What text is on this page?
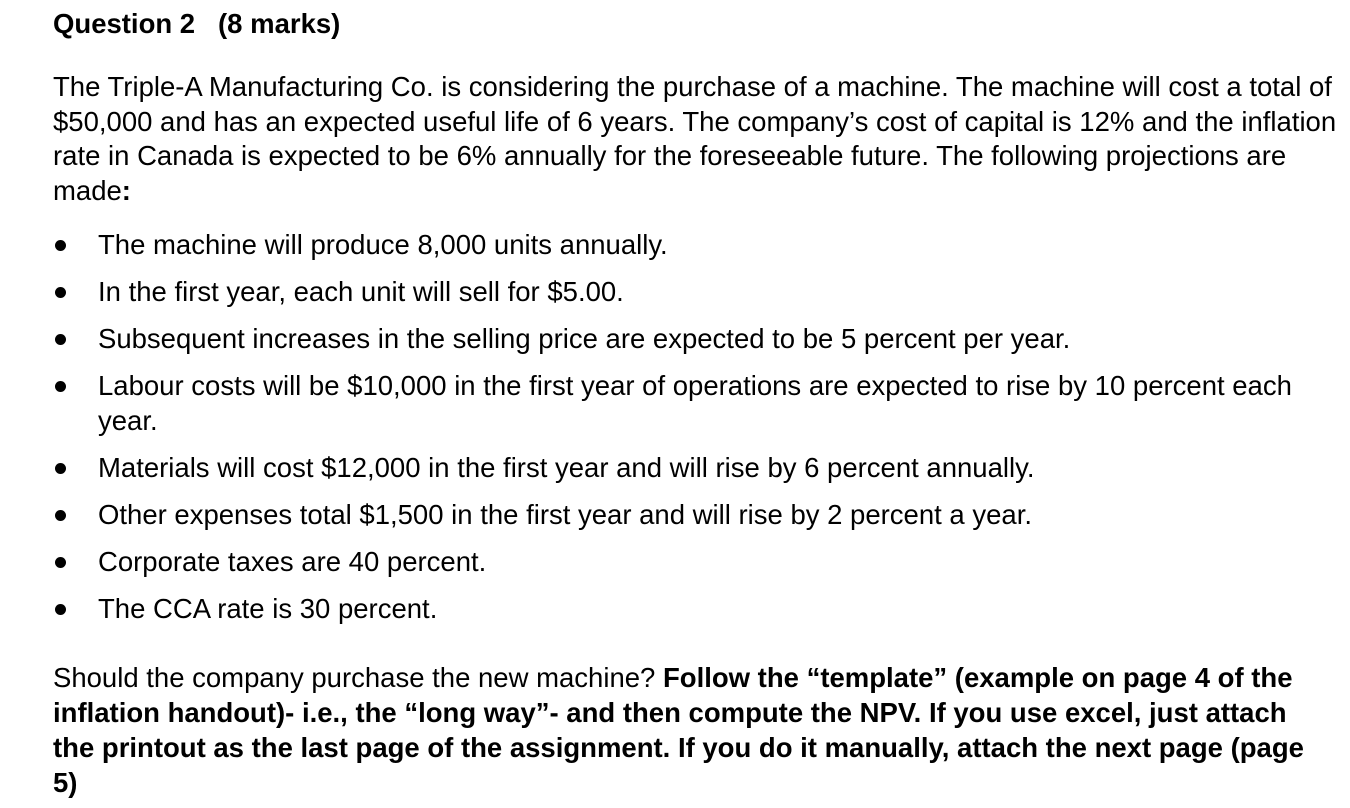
Question 2   (8 marks)

The Triple-A Manufacturing Co. is considering the purchase of a machine. The machine will cost a total of $50,000 and has an expected useful life of 6 years. The company’s cost of capital is 12% and the inflation rate in Canada is expected to be 6% annually for the foreseeable future. The following projections are made:

The machine will produce 8,000 units annually.
In the first year, each unit will sell for $5.00.
Subsequent increases in the selling price are expected to be 5 percent per year.
Labour costs will be $10,000 in the first year of operations are expected to rise by 10 percent each year.
Materials will cost $12,000 in the first year and will rise by 6 percent annually.
Other expenses total $1,500 in the first year and will rise by 2 percent a year.
Corporate taxes are 40 percent.
The CCA rate is 30 percent.

Should the company purchase the new machine? Follow the “template” (example on page 4 of the inflation handout)- i.e., the “long way”- and then compute the NPV. If you use excel, just attach the printout as the last page of the assignment. If you do it manually, attach the next page (page 5)
